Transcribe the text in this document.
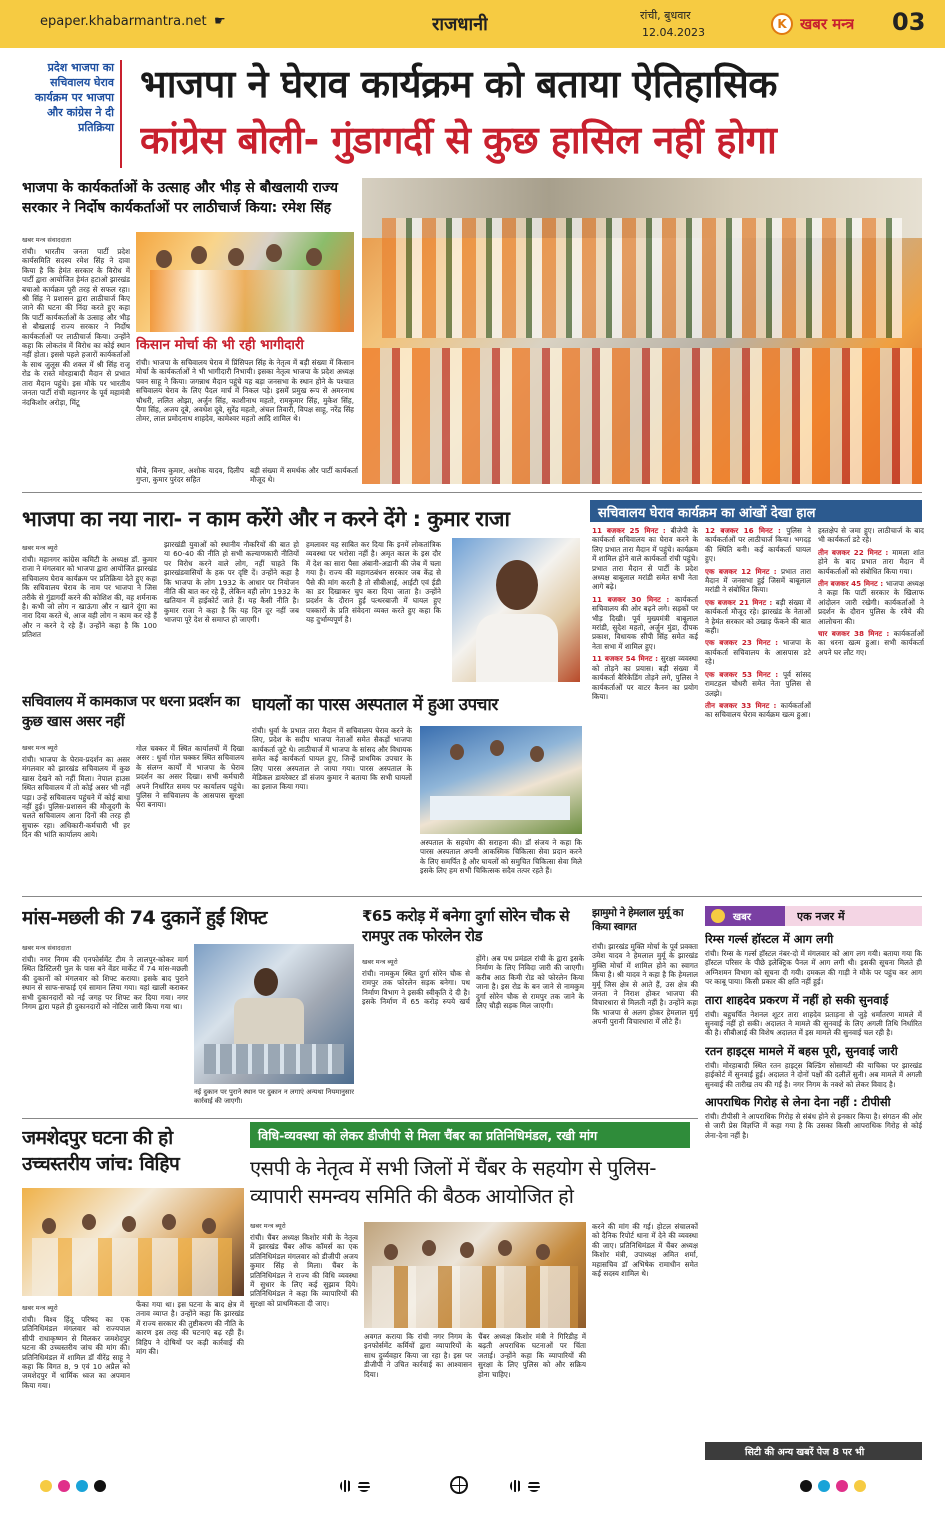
epaper.khabarmantra.net ☛	राजधानी	रांची, बुधवार
12.04.2023
K खबर मन्त्र 03
प्रदेश भाजपा का सचिवालय घेराव कार्यक्रम पर भाजपा और कांग्रेस ने दी प्रतिक्रिया
भाजपा ने घेराव कार्यक्रम को बताया ऐतिहासिक
कांग्रेस बोली- गुंडागर्दी से कुछ हासिल नहीं होगा
भाजपा के कार्यकर्ताओं के उत्साह और भीड़ से बौखलायी राज्य सरकार ने निर्दोष कार्यकर्ताओं पर लाठीचार्ज किया: रमेश सिंह
खबर मन्त्र संवाददाता
रांची। भारतीय जनता पार्टी प्रदेश कार्यसमिति सदस्य रमेश सिंह ने दावा किया है कि हेमंत सरकार के विरोध में पार्टी द्वारा आयोजित हेमंत हटाओ झारखंड बचाओ कार्यक्रम पूरी तरह से सफल रहा। श्री सिंह ने प्रशासन द्वारा लाठीचार्ज किए जाने की घटना की निंदा करते हुए कहा कि पार्टी कार्यकर्ताओं के उत्साह और भीड़ से बौखलाई राज्य सरकार ने निर्दोष कार्यकर्ताओं पर लाठीचार्ज किया। उन्होंने कहा कि लोकतंत्र में विरोध का कोई स्थान नहीं होता। इससे पहले हजारों कार्यकर्ताओं के साथ जुलूस की शक्ल में श्री सिंह राजू रोड के रास्ते मोरहाबादी मैदान से प्रभात तारा मैदान पहुंचे। इस मौके पर भारतीय जनता पार्टी रांची महानगर के पूर्व महामंत्री नंदकिशोर अरोड़ा, मिंटू
किसान मोर्चा की भी रही भागीदारी
रांची। भाजपा के सचिवालय घेराव में प्रिंसिपल सिंह के नेतृत्व में बड़ी संख्या में किसान मोर्चा के कार्यकर्ताओं ने भी भागीदारी निभायी। इसका नेतृत्व भाजपा के प्रदेश अध्यक्ष पवन साहू ने किया। जगन्नाथ मैदान पहुंचे यह बड़ा जनसभा के स्थान होने के पश्चात सचिवालय घेराव के लिए पैदल मार्च में निकल पड़े। इसमें प्रमुख रूप से अमरनाथ चौधरी, ललित ओझा, अर्जुन सिंह, काशीनाथ महतो, रामकुमार सिंह, मुकेश सिंह, पैगा सिंह, अजय दूबे, अवधेश दूबे, सुरेंद्र महतो, अंचल तिवारी, विपक्ष साहू, नरेंद्र सिंह तोमर, लाल प्रमोदनाथ शाहदेव, कामेश्वर महतो आदि शामिल थे।
चौबे, विनय कुमार, अशोक यादव, दिलीप गुप्ता, कुमार पुरंदर सहित
बड़ी संख्या में समर्थक और पार्टी कार्यकर्ता मौजूद थे।
भाजपा का नया नारा- न काम करेंगे और न करने देंगे : कुमार राजा
खबर मन्त्र ब्यूरो
रांची। महानगर कांग्रेस कमिटी के अध्यक्ष डॉ. कुमार राजा ने मंगलवार को भाजपा द्वारा आयोजित झारखंड सचिवालय घेराव कार्यक्रम पर प्रतिक्रिया देते हुए कहा कि सचिवालय घेराव के नाम पर भाजपा ने जिस तरीके से गुंडागर्दी करने की कोशिश की, वह शर्मनाक है। कभी जो लोग न खाऊंगा और न खाने दूंगा का नारा दिया करते थे, आज वही लोग न काम कर रहे हैं और न करने दे रहे हैं। उन्होंने कहा है कि 100 प्रतिशत
झारखंडी युवाओं को स्थानीय नौकरियों की बात हो या 60-40 की नीति हो सभी कल्याणकारी नीतियों पर विरोध करने वाले लोग, नहीं चाहते कि झारखंडवासियों के हक पर दृष्टि दें। उन्होंने कहा है कि भाजपा के लोग 1932 के आधार पर नियोजन नीति की बात कर रहे हैं, लेकिन वही लोग 1932 के खतियान में हाईकोर्ट जाते हैं। यह कैसी नीति है। कुमार राजा ने कहा है कि यह दिन दूर नहीं जब भाजपा पूरे देश से समाप्त हो जाएगी।
हमलावर यह साबित कर दिया कि इनमें लोकतांत्रिक व्यवस्था पर भरोसा नहीं है। अमृत काल के इस दौर में देश का सारा पैसा अंबानी-अडानी की जेब में चला गया है। राज्य की महागठबंधन सरकार जब केंद्र से पैसे की मांग करती है तो सीबीआई, आईटी एवं ईडी का डर दिखाकर चुप करा दिया जाता है। उन्होंने प्रदर्शन के दौरान हुई पत्थरबाजी में घायल हुए पत्रकारों के प्रति संवेदना व्यक्त करते हुए कहा कि यह दुर्भाग्यपूर्ण है।
सचिवालय घेराव कार्यक्रम का आंखों देखा हाल
11 बजकर 25 मिनट : बीजेपी के कार्यकर्ता सचिवालय का घेराव करने के लिए प्रभात तारा मैदान में पहुंचे। कार्यक्रम में शामिल होने वाले कार्यकर्ता रांची पहुंचे। प्रभात तारा मैदान से पार्टी के प्रदेश अध्यक्ष बाबूलाल मरांडी समेत सभी नेता आगे बढ़े।
11 बजकर 30 मिनट : कार्यकर्ता सचिवालय की ओर बढ़ने लगे। सड़कों पर भीड़ दिखी। पूर्व मुख्यमंत्री बाबूलाल मरांडी, सुदेश महतो, अर्जुन मुंडा, दीपक प्रकाश, विधायक सीपी सिंह समेत कई नेता सभा में शामिल हुए।
11 बजकर 54 मिनट : सुरक्षा व्यवस्था को तोड़ने का प्रयास। बड़ी संख्या में कार्यकर्ता बैरिकेडिंग तोड़ने लगे, पुलिस ने कार्यकर्ताओं पर वाटर कैनन का प्रयोग किया।
12 बजकर 16 मिनट : पुलिस ने कार्यकर्ताओं पर लाठीचार्ज किया। भगदड़ की स्थिति बनी। कई कार्यकर्ता घायल हुए।
एक बजकर 12 मिनट : प्रभात तारा मैदान में जनसभा हुई जिसमें बाबूलाल मरांडी ने संबोधित किया।
एक बजकर 21 मिनट : बड़ी संख्या में कार्यकर्ता मौजूद रहे। झारखंड के नेताओं ने हेमंत सरकार को उखाड़ फेंकने की बात कही।
एक बजकर 23 मिनट : भाजपा के कार्यकर्ता सचिवालय के आसपास डटे रहे।
एक बजकर 53 मिनट : पूर्व सांसद रामटहल चौधरी समेत नेता पुलिस से उलझे।
तीन बजकर 33 मिनट : कार्यकर्ताओं का सचिवालय घेराव कार्यक्रम खत्म हुआ।
हस्तक्षेप से जमा हुए। लाठीचार्ज के बाद भी कार्यकर्ता डटे रहे।
तीन बजकर 22 मिनट : मामला शांत होने के बाद प्रभात तारा मैदान में कार्यकर्ताओं को संबोधित किया गया।
तीन बजकर 45 मिनट : भाजपा अध्यक्ष ने कहा कि पार्टी सरकार के खिलाफ आंदोलन जारी रखेगी। कार्यकर्ताओं ने प्रदर्शन के दौरान पुलिस के रवैये की आलोचना की।
चार बजकर 38 मिनट : कार्यकर्ताओं का धरना खत्म हुआ। सभी कार्यकर्ता अपने घर लौट गए।
सचिवालय में कामकाज पर धरना प्रदर्शन का कुछ खास असर नहीं
खबर मन्त्र ब्यूरो
रांची। भाजपा के घेराव-प्रदर्शन का असर मंगलवार को झारखंड सचिवालय में कुछ खास देखने को नहीं मिला। नेपाल हाउस स्थित सचिवालय में तो कोई असर भी नहीं पड़ा। उन्हें सचिवालय पहुंचने में कोई बाधा नहीं हुई। पुलिस-प्रशासन की मौजूदगी के चलते सचिवालय आना दिनों की तरह ही सुचारू रहा। अधिकारी-कर्मचारी भी हर दिन की भांति कार्यालय आये।
गोल चक्कर में स्थित कार्यालयों में दिखा असर : धुर्वा गोल चक्कर स्थित सचिवालय के संलग्न कार्यों में भाजपा के घेराव प्रदर्शन का असर दिखा। सभी कर्मचारी अपने निर्धारित समय पर कार्यालय पहुंचे। पुलिस ने सचिवालय के आसपास सुरक्षा घेरा बनाया।
घायलों का पारस अस्पताल में हुआ उपचार
रांची। धुर्वा के प्रभात तारा मैदान में सचिवालय घेराव करने के लिए, प्रदेश के सदीप भाजपा नेताओं समेत सैकड़ों भाजपा कार्यकर्ता जुटे थे। लाठीचार्ज में भाजपा के सांसद और विधायक समेत कई कार्यकर्ता घायल हुए, जिन्हें प्राथमिक उपचार के लिए पारस अस्पताल ले जाया गया। पारस अस्पताल के मेडिकल डायरेक्टर डॉ संजय कुमार ने बताया कि सभी घायलों का इलाज किया गया।
अस्पताल के सहयोग की सराहना की। डॉ संजय ने कहा कि पारस अस्पताल अपनी आकस्मिक चिकित्सा सेवा प्रदान करने के लिए समर्पित है और घायलों को समुचित चिकित्सा सेवा मिले इसके लिए हम सभी चिकित्सक सदैव तत्पर रहते हैं।
मांस-मछली की 74 दुकानें हुईं शिफ्ट
खबर मन्त्र संवाददाता
रांची। नगर निगम की एनफोर्समेंट टीम ने लालपुर-कोकर मार्ग स्थित डिस्टिलरी पुल के पास बने वेंडर मार्केट में 74 मांस-मछली की दुकानों को मंगलवार को शिफ्ट कराया। इसके बाद पुराने स्थान से साफ-सफाई एवं सामान लिया गया। यहां खाली कराकर सभी दुकानदारों को नई जगह पर शिफ्ट कर दिया गया। नगर निगम द्वारा पहले ही दुकानदारों को नोटिस जारी किया गया था।
नई दुकान पर पुराने स्थान पर दुकान न लगाएं अन्यथा नियमानुसार कार्रवाई की जाएगी।
₹65 करोड़ में बनेगा दुर्गा सोरेन चौक से रामपुर तक फोरलेन रोड
खबर मन्त्र ब्यूरो
रांची। नामकुम स्थित दुर्गा सोरेन चौक से रामपुर तक फोरलेन सड़क बनेगा। पथ निर्माण विभाग ने इसकी स्वीकृति दे दी है। इसके निर्माण में 65 करोड़ रुपये खर्च होंगे। अब पथ प्रमंडल रांची के द्वारा इसके निर्माण के लिए निविदा जारी की जाएगी। करीब आठ किमी रोड को फोरलेन किया जाना है। इस रोड के बन जाने से नामकुम दुर्गा सोरेन चौक से रामपुर तक जाने के लिए चौड़ी सड़क मिल जाएगी।
झामुमो ने हेमलाल मुर्मू का किया स्वागत
रांची। झारखंड मुक्ति मोर्चा के पूर्व प्रवक्ता उमेश यादव ने हेमलाल मुर्मू के झारखंड मुक्ति मोर्चा में शामिल होने का स्वागत किया है। श्री यादव ने कहा है कि हेमलाल मुर्मू जिस क्षेत्र से आते हैं, उस क्षेत्र की जनता ने निराश होकर भाजपा की विचारधारा से मिलती नहीं है। उन्होंने कहा कि भाजपा से अलग होकर हेमलाल मुर्मू अपनी पुरानी विचारधारा में लौटे हैं।
खबर	एक नजर में
रिम्स गर्ल्स हॉस्टल में आग लगी
रांची। रिम्स के गर्ल्स हॉस्टल नंबर-दो में मंगलवार को आग लग गयी। बताया गया कि हॉस्टल परिसर के पीछे इलेक्ट्रिक पैनल में आग लगी थी। इसकी सूचना मिलते ही अग्निशमन विभाग को सूचना दी गयी। दमकल की गाड़ी ने मौके पर पहुंच कर आग पर काबू पाया। किसी प्रकार की क्षति नहीं हुई।
तारा शाहदेव प्रकरण में नहीं हो सकी सुनवाई
रांची। बहुचर्चित नेशनल शूटर तारा शाहदेव प्रताड़ना से जुड़े धर्मांतरण मामले में सुनवाई नहीं हो सकी। अदालत ने मामले की सुनवाई के लिए अगली तिथि निर्धारित की है। सीबीआई की विशेष अदालत में इस मामले की सुनवाई चल रही है।
रतन हाइट्स मामले में बहस पूरी, सुनवाई जारी
रांची। मोरहाबादी स्थित रतन हाइट्स बिल्डिंग सोसायटी की याचिका पर झारखंड हाईकोर्ट में सुनवाई हुई। अदालत ने दोनों पक्षों की दलीलें सुनी। अब मामले में अगली सुनवाई की तारीख तय की गई है। नगर निगम के नक्शे को लेकर विवाद है।
आपराधिक गिरोह से लेना देना नहीं : टीपीसी
रांची। टीपीसी ने आपराधिक गिरोह से संबंध होने से इनकार किया है। संगठन की ओर से जारी प्रेस विज्ञप्ति में कहा गया है कि उसका किसी आपराधिक गिरोह से कोई लेना-देना नहीं है।
सिटी की अन्य खबरें पेज 8 पर भी
जमशेदपुर घटना की हो
उच्चस्तरीय जांच: विहिप
खबर मन्त्र ब्यूरो
रांची। विश्व हिंदू परिषद का एक प्रतिनिधिमंडल मंगलवार को राज्यपाल सीपी राधाकृष्णन से मिलकर जमशेदपुर घटना की उच्चस्तरीय जांच की मांग की। प्रतिनिधिमंडल में शामिल डॉ वीरेंद्र साहू ने कहा कि विगत 8, 9 एवं 10 अप्रैल को जमशेदपुर में धार्मिक ध्वज का अपमान किया गया।
फेंका गया था। इस घटना के बाद क्षेत्र में तनाव व्याप्त है। उन्होंने कहा कि झारखंड में राज्य सरकार की तुष्टीकरण की नीति के कारण इस तरह की घटनाएं बढ़ रही हैं। विहिप ने दोषियों पर कड़ी कार्रवाई की मांग की।
विधि-व्यवस्था को लेकर डीजीपी से मिला चैंबर का प्रतिनिधिमंडल, रखी मांग
एसपी के नेतृत्व में सभी जिलों में चैंबर के सहयोग से पुलिस-व्यापारी समन्वय समिति की बैठक आयोजित हो
खबर मन्त्र ब्यूरो
रांची। चैंबर अध्यक्ष किशोर मंत्री के नेतृत्व में झारखंड चैंबर ऑफ कॉमर्स का एक प्रतिनिधिमंडल मंगलवार को डीजीपी अजय कुमार सिंह से मिला। चैंबर के प्रतिनिधिमंडल ने राज्य की विधि व्यवस्था में सुधार के लिए कई सुझाव दिये। प्रतिनिधिमंडल ने कहा कि व्यापारियों की सुरक्षा को प्राथमिकता दी जाए।
अवगत कराया कि रांची नगर निगम के इनफोर्समेंट कर्मियों द्वारा व्यापारियों के साथ दुर्व्यवहार किया जा रहा है। इस पर डीजीपी ने उचित कार्रवाई का आश्वासन दिया।
चैंबर अध्यक्ष किशोर मंत्री ने गिरिडीह में बढ़ती अपराधिक घटनाओं पर चिंता जताई। उन्होंने कहा कि व्यापारियों की सुरक्षा के लिए पुलिस को और सक्रिय होना चाहिए।
करने की मांग की गई। होटल संचालकों को दैनिक रिपोर्ट थाना में देने की व्यवस्था की जाए। प्रतिनिधिमंडल में चैंबर अध्यक्ष किशोर मंत्री, उपाध्यक्ष अमित शर्मा, महासचिव डॉ अभिषेक रामाधीन समेत कई सदस्य शामिल थे।
